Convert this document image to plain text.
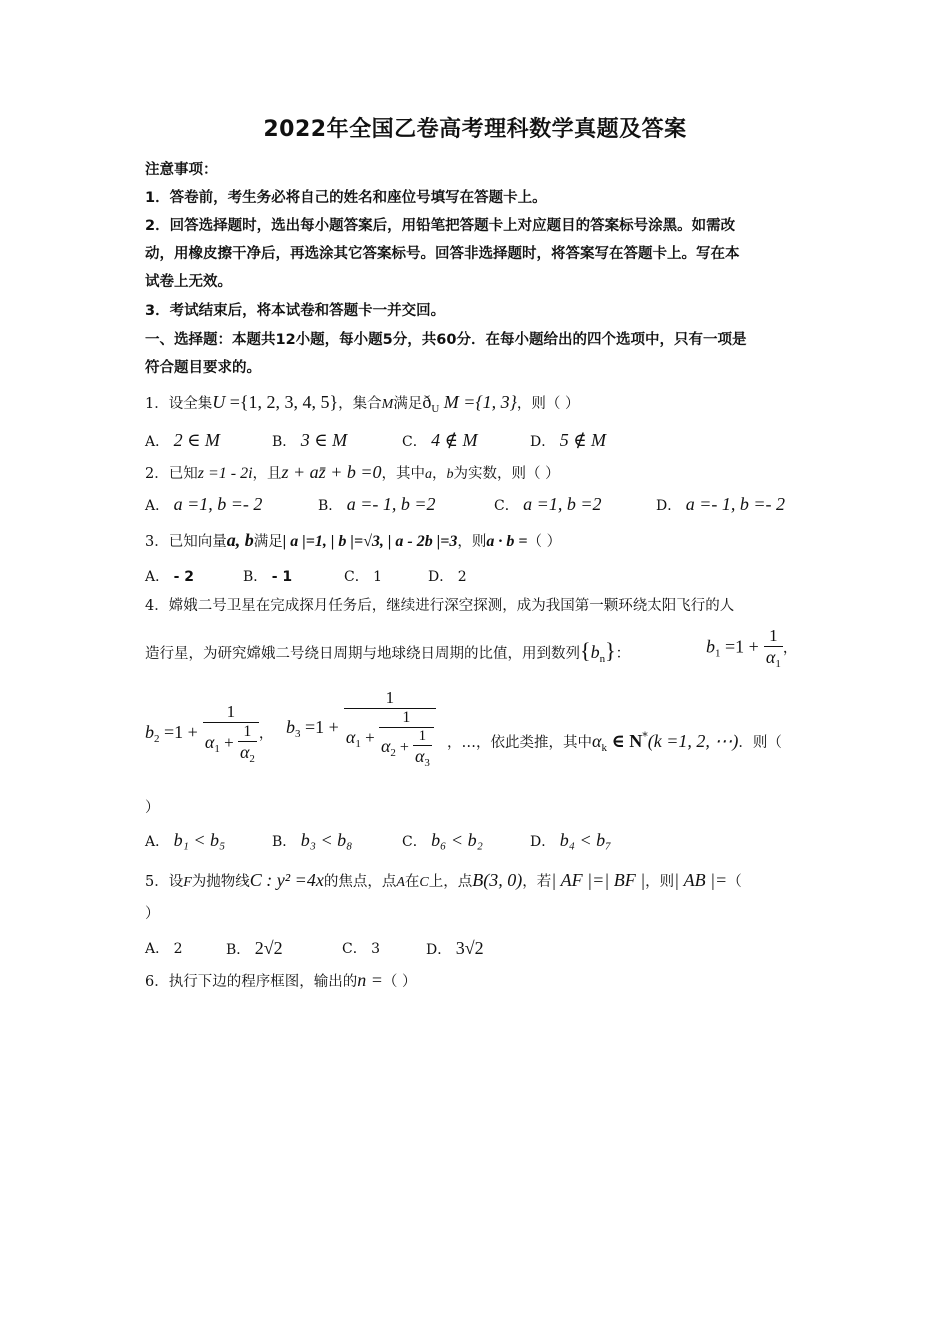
2022年全国乙卷高考理科数学真题及答案
注意事项：
1．答卷前，考生务必将自己的姓名和座位号填写在答题卡上。
2．回答选择题时，选出每小题答案后，用铅笔把答题卡上对应题目的答案标号涂黑。如需改
动，用橡皮擦干净后，再选涂其它答案标号。回答非选择题时，将答案写在答题卡上。写在本
试卷上无效。
3．考试结束后，将本试卷和答题卡一并交回。
一、选择题：本题共12小题，每小题5分，共60分．在每小题给出的四个选项中，只有一项是
符合题目要求的。
1．设全集U ={1, 2, 3, 4, 5}，集合M满足$ð_U$ M ={1, 3}，则（ ）
A． 2 ∈ M	B． 3 ∈ M	C． 4 ∉ M	D． 5 ∉ M
2．已知z =1 - 2i，且z + az̄ + b =0，其中a，b为实数，则（ ）
A． a =1, b =- 2	B． a =- 1, b =2	C． a =1, b =2	D． a =- 1, b =- 2
3．已知向量a, b满足| a |=1, | b |=√3, | a - 2b |=3，则a · b =（ ）
A． - 2	B． - 1	C． 1	D． 2
4．嫦娥二号卫星在完成探月任务后，继续进行深空探测，成为我国第一颗环绕太阳飞行的人
造行星，为研究嫦娥二号绕日周期与地球绕日周期的比值，用到数列$\{b_n\}$：	$b_1 =1 + \frac{1}{\alpha_1}$ ，
$b_2 =1 + \frac{1}{\alpha_1 + \frac{1}{\alpha_2}}$ ， $b_3 =1$ +
1
$\alpha_1 + \frac{1}{\alpha_2 + \frac{1}{\alpha_3}}$ ，…，依此类推，其中$\alpha_k$ ∈ N*(k =1, 2, ⋯)．则（
）
A． b₁ < b₅	B． b₃ < b₈	C． b₆ < b₂	D． b₄ < b₇
5．设F为抛物线C : y² =4x的焦点，点A在C上，点B(3, 0)，若| AF |=| BF |，则| AB |=（
）
A． 2	B． 2√2	C． 3	D． 3√2
6．执行下边的程序框图，输出的n =（ ）
